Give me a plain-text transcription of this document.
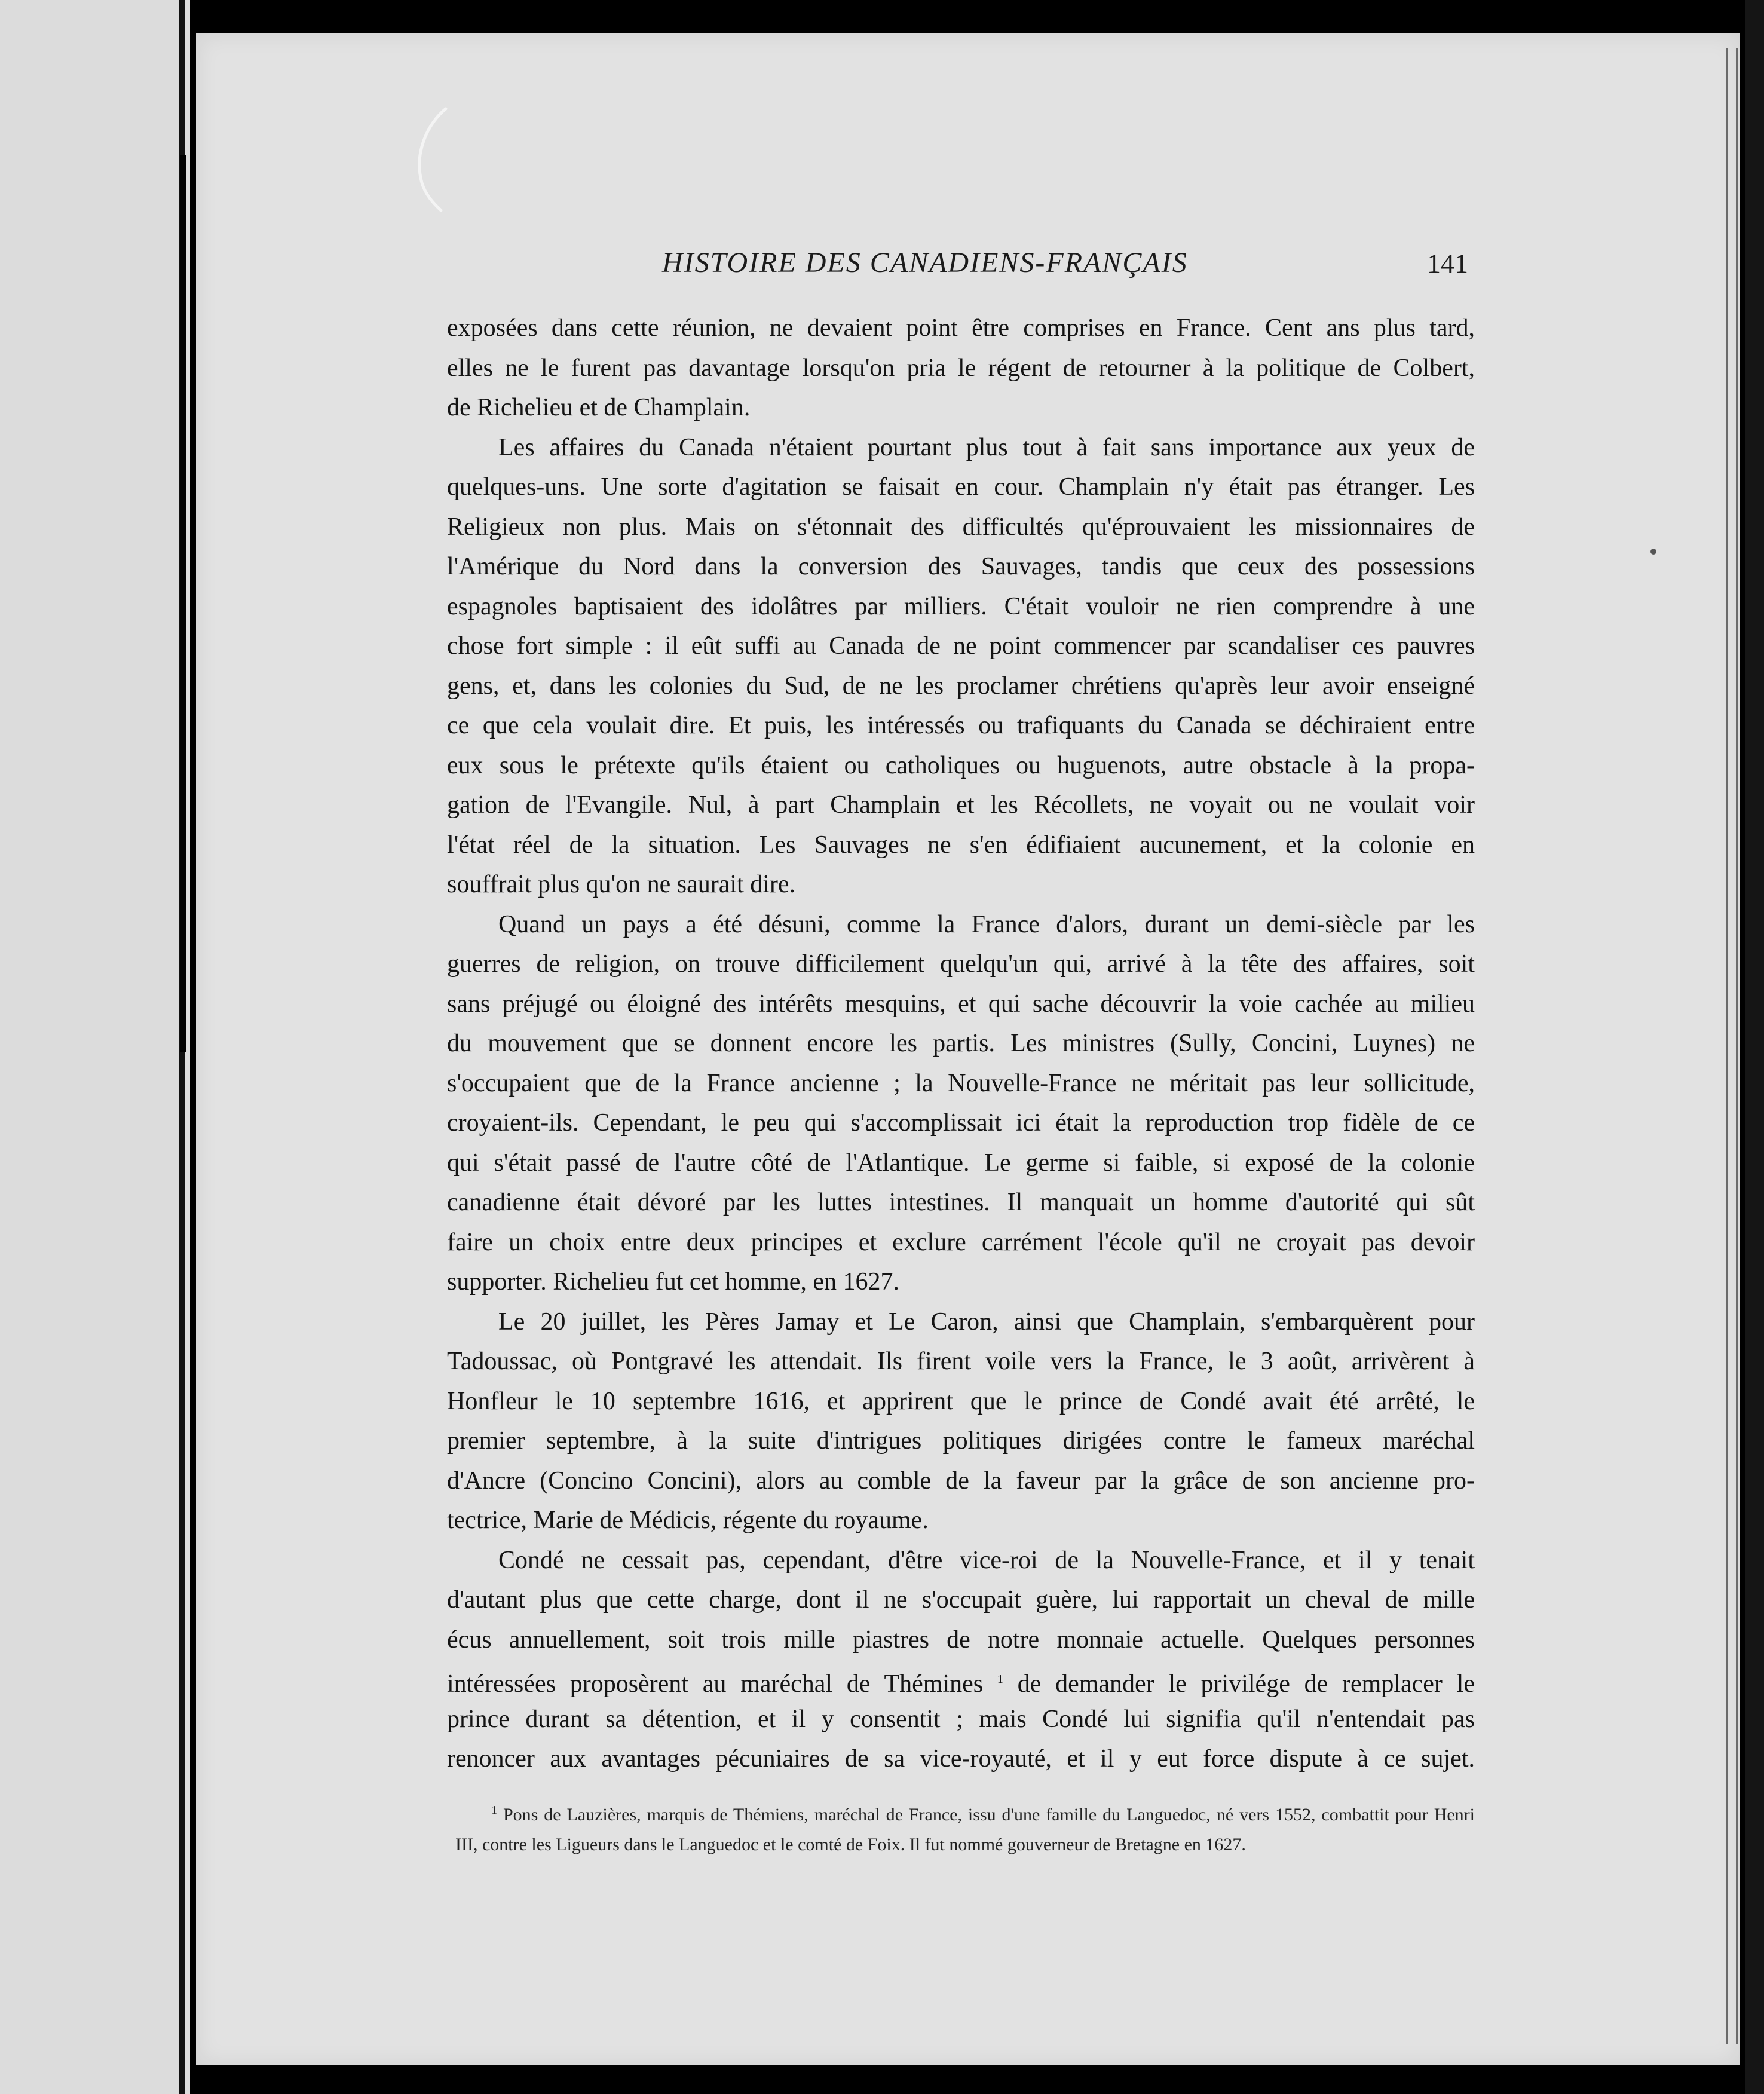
HISTOIRE DES CANADIENS-FRANÇAIS	141
exposées dans cette réunion, ne devaient point être comprises en France. Cent ans plus tard,
elles ne le furent pas davantage lorsqu'on pria le régent de retourner à la politique de Colbert,
de Richelieu et de Champlain.
Les affaires du Canada n'étaient pourtant plus tout à fait sans importance aux yeux de
quelques-uns. Une sorte d'agitation se faisait en cour. Champlain n'y était pas étranger. Les
Religieux non plus. Mais on s'étonnait des difficultés qu'éprouvaient les missionnaires de
l'Amérique du Nord dans la conversion des Sauvages, tandis que ceux des possessions
espagnoles baptisaient des idolâtres par milliers. C'était vouloir ne rien comprendre à une
chose fort simple : il eût suffi au Canada de ne point commencer par scandaliser ces pauvres
gens, et, dans les colonies du Sud, de ne les proclamer chrétiens qu'après leur avoir enseigné
ce que cela voulait dire. Et puis, les intéressés ou trafiquants du Canada se déchiraient entre
eux sous le prétexte qu'ils étaient ou catholiques ou huguenots, autre obstacle à la propa-
gation de l'Evangile. Nul, à part Champlain et les Récollets, ne voyait ou ne voulait voir
l'état réel de la situation. Les Sauvages ne s'en édifiaient aucunement, et la colonie en
souffrait plus qu'on ne saurait dire.
Quand un pays a été désuni, comme la France d'alors, durant un demi-siècle par les
guerres de religion, on trouve difficilement quelqu'un qui, arrivé à la tête des affaires, soit
sans préjugé ou éloigné des intérêts mesquins, et qui sache découvrir la voie cachée au milieu
du mouvement que se donnent encore les partis. Les ministres (Sully, Concini, Luynes) ne
s'occupaient que de la France ancienne ; la Nouvelle-France ne méritait pas leur sollicitude,
croyaient-ils. Cependant, le peu qui s'accomplissait ici était la reproduction trop fidèle de ce
qui s'était passé de l'autre côté de l'Atlantique. Le germe si faible, si exposé de la colonie
canadienne était dévoré par les luttes intestines. Il manquait un homme d'autorité qui sût
faire un choix entre deux principes et exclure carrément l'école qu'il ne croyait pas devoir
supporter. Richelieu fut cet homme, en 1627.
Le 20 juillet, les Pères Jamay et Le Caron, ainsi que Champlain, s'embarquèrent pour
Tadoussac, où Pontgravé les attendait. Ils firent voile vers la France, le 3 août, arrivèrent à
Honfleur le 10 septembre 1616, et apprirent que le prince de Condé avait été arrêté, le
premier septembre, à la suite d'intrigues politiques dirigées contre le fameux maréchal
d'Ancre (Concino Concini), alors au comble de la faveur par la grâce de son ancienne pro-
tectrice, Marie de Médicis, régente du royaume.
Condé ne cessait pas, cependant, d'être vice-roi de la Nouvelle-France, et il y tenait
d'autant plus que cette charge, dont il ne s'occupait guère, lui rapportait un cheval de mille
écus annuellement, soit trois mille piastres de notre monnaie actuelle. Quelques personnes
intéressées proposèrent au maréchal de Thémines $^1$ de demander le privilége de remplacer le
prince durant sa détention, et il y consentit ; mais Condé lui signifia qu'il n'entendait pas
renoncer aux avantages pécuniaires de sa vice-royauté, et il y eut force dispute à ce sujet.
$^1$ Pons de Lauzières, marquis de Thémiens, maréchal de France, issu d'une famille du Languedoc, né vers 1552, combattit pour Henri
III, contre les Ligueurs dans le Languedoc et le comté de Foix. Il fut nommé gouverneur de Bretagne en 1627.
